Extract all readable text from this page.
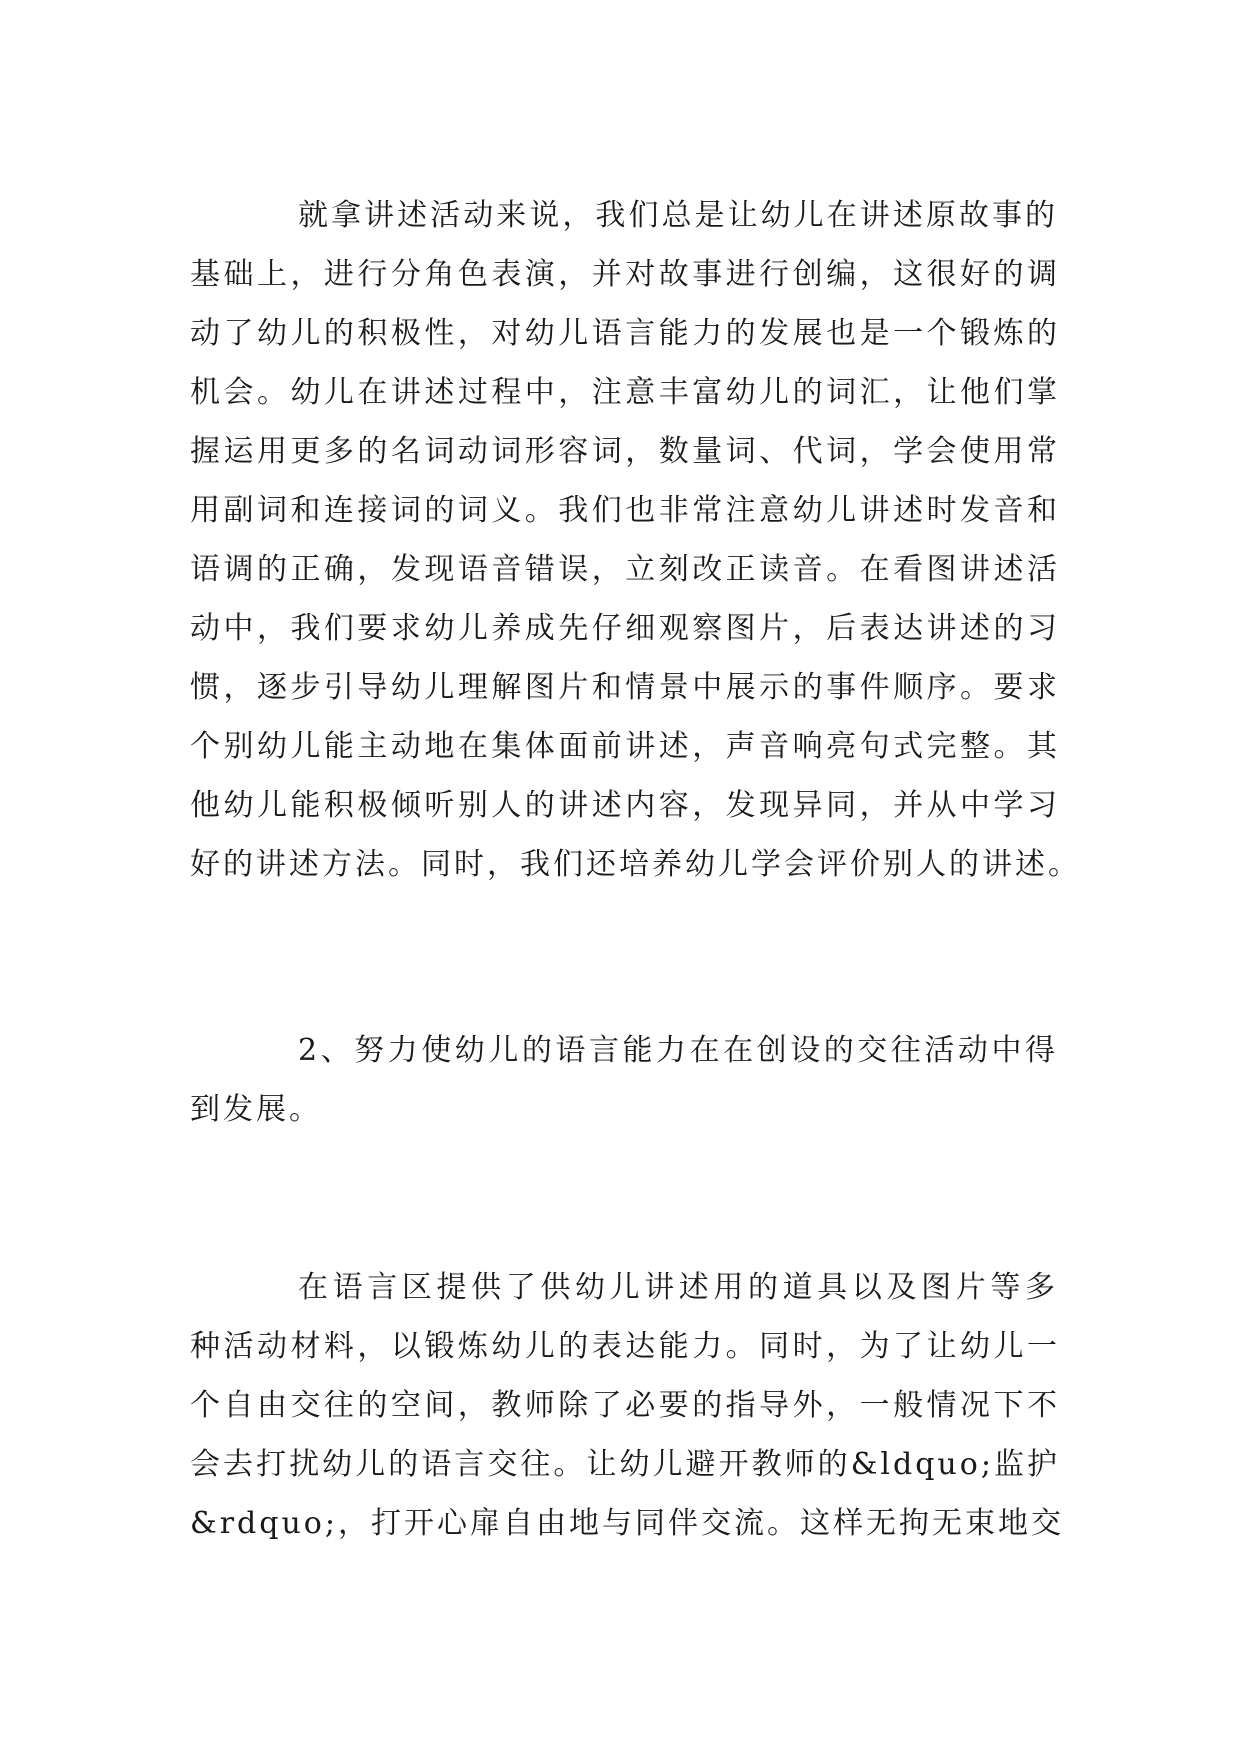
就拿讲述活动来说，我们总是让幼儿在讲述原故事的
基础上，进行分角色表演，并对故事进行创编，这很好的调
动了幼儿的积极性，对幼儿语言能力的发展也是一个锻炼的
机会。幼儿在讲述过程中，注意丰富幼儿的词汇，让他们掌
握运用更多的名词动词形容词，数量词、代词，学会使用常
用副词和连接词的词义。我们也非常注意幼儿讲述时发音和
语调的正确，发现语音错误，立刻改正读音。在看图讲述活
动中，我们要求幼儿养成先仔细观察图片，后表达讲述的习
惯，逐步引导幼儿理解图片和情景中展示的事件顺序。要求
个别幼儿能主动地在集体面前讲述，声音响亮句式完整。其
他幼儿能积极倾听别人的讲述内容，发现异同，并从中学习
好的讲述方法。同时，我们还培养幼儿学会评价别人的讲述。
2、努力使幼儿的语言能力在在创设的交往活动中得
到发展。
在语言区提供了供幼儿讲述用的道具以及图片等多
种活动材料，以锻炼幼儿的表达能力。同时，为了让幼儿一
个自由交往的空间，教师除了必要的指导外，一般情况下不
会去打扰幼儿的语言交往。让幼儿避开教师的&ldquo;监护
&rdquo;，打开心扉自由地与同伴交流。这样无拘无束地交
